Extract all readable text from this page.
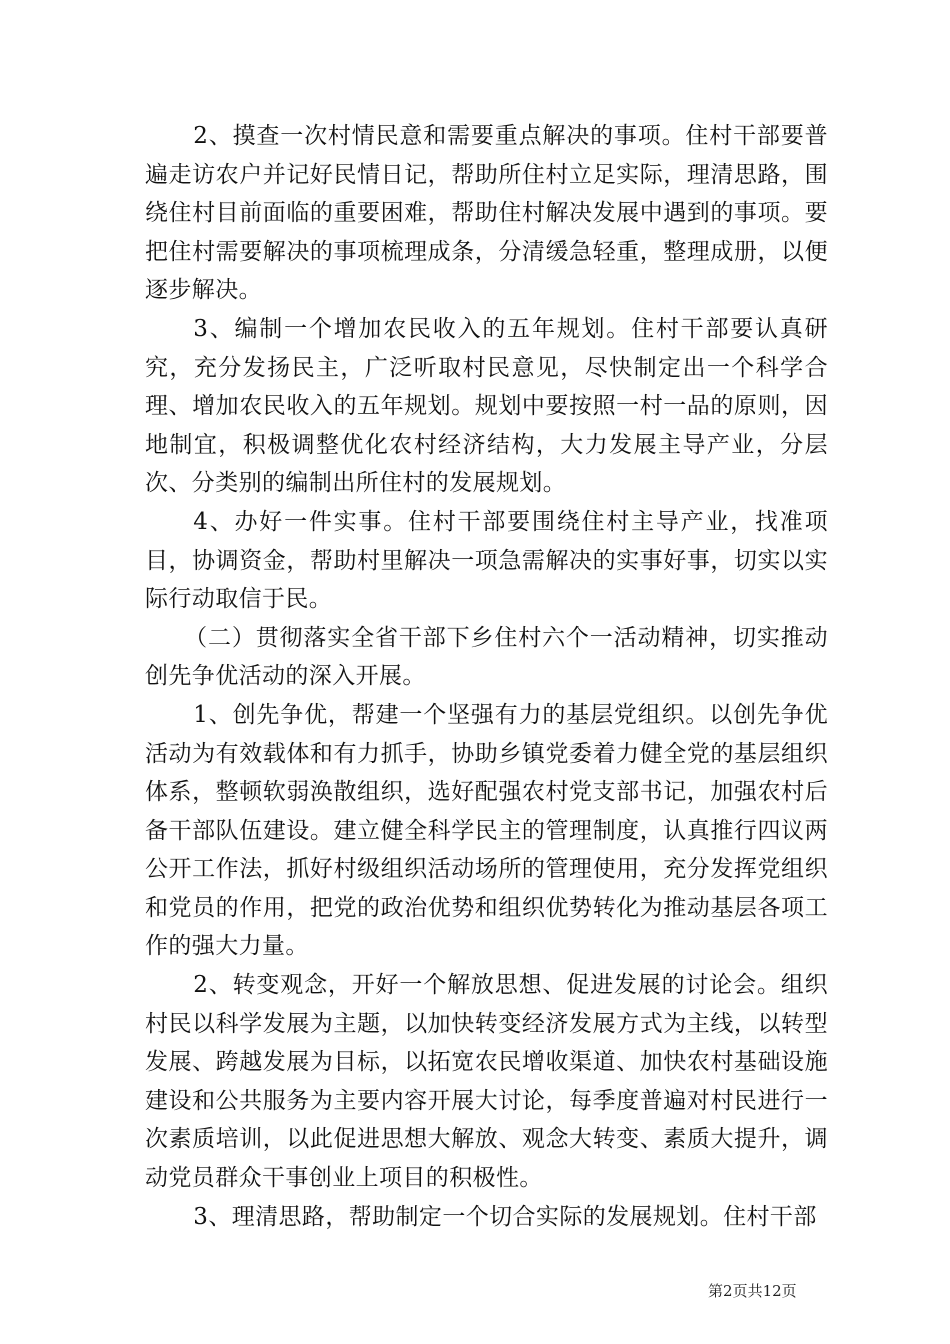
2、摸查一次村情民意和需要重点解决的事项。住村干部要普遍走访农户并记好民情日记，帮助所住村立足实际，理清思路，围绕住村目前面临的重要困难，帮助住村解决发展中遇到的事项。要把住村需要解决的事项梳理成条，分清缓急轻重，整理成册，以便逐步解决。

3、编制一个增加农民收入的五年规划。住村干部要认真研究，充分发扬民主，广泛听取村民意见，尽快制定出一个科学合理、增加农民收入的五年规划。规划中要按照一村一品的原则，因地制宜，积极调整优化农村经济结构，大力发展主导产业，分层次、分类别的编制出所住村的发展规划。

4、办好一件实事。住村干部要围绕住村主导产业，找准项目，协调资金，帮助村里解决一项急需解决的实事好事，切实以实际行动取信于民。

（二）贯彻落实全省干部下乡住村六个一活动精神，切实推动创先争优活动的深入开展。

1、创先争优，帮建一个坚强有力的基层党组织。以创先争优活动为有效载体和有力抓手，协助乡镇党委着力健全党的基层组织体系，整顿软弱涣散组织，选好配强农村党支部书记，加强农村后备干部队伍建设。建立健全科学民主的管理制度，认真推行四议两公开工作法，抓好村级组织活动场所的管理使用，充分发挥党组织和党员的作用，把党的政治优势和组织优势转化为推动基层各项工作的强大力量。

2、转变观念，开好一个解放思想、促进发展的讨论会。组织村民以科学发展为主题，以加快转变经济发展方式为主线，以转型发展、跨越发展为目标，以拓宽农民增收渠道、加快农村基础设施建设和公共服务为主要内容开展大讨论，每季度普遍对村民进行一次素质培训，以此促进思想大解放、观念大转变、素质大提升，调动党员群众干事创业上项目的积极性。

3、理清思路，帮助制定一个切合实际的发展规划。住村干部

第2页共12页
